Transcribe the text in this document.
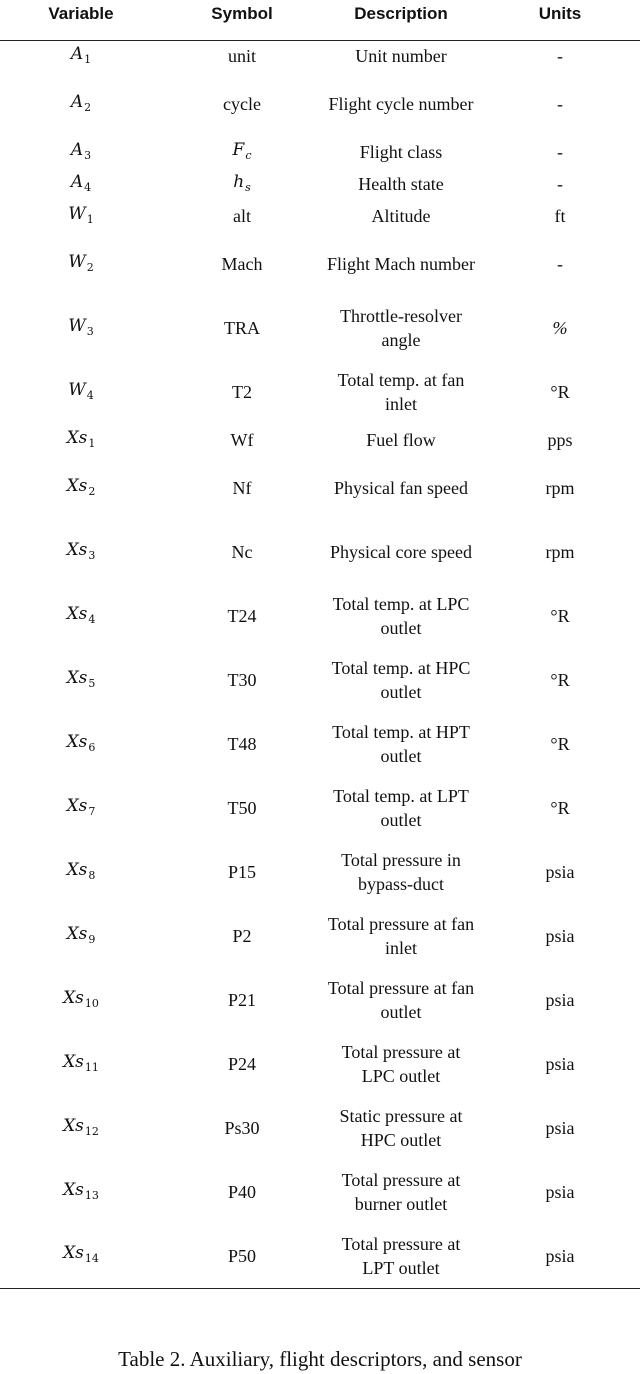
Variable	Symbol	Description	Units
$A_1$	unit	Unit number	-
$A_2$	cycle	Flight cycle number	-
$A_3$	$F_c$	Flight class	-
$A_4$	$h_s$	Health state	-
$W_1$	alt	Altitude	ft
$W_2$	Mach	Flight Mach number	-
$W_3$	TRA	Throttle-resolver angle	%
$W_4$	T2	Total temp. at fan inlet	°R
$Xs_1$	Wf	Fuel flow	pps
$Xs_2$	Nf	Physical fan speed	rpm
$Xs_3$	Nc	Physical core speed	rpm
$Xs_4$	T24	Total temp. at LPC outlet	°R
$Xs_5$	T30	Total temp. at HPC outlet	°R
$Xs_6$	T48	Total temp. at HPT outlet	°R
$Xs_7$	T50	Total temp. at LPT outlet	°R
$Xs_8$	P15	Total pressure in bypass-duct	psia
$Xs_9$	P2	Total pressure at fan inlet	psia
$Xs_{10}$	P21	Total pressure at fan outlet	psia
$Xs_{11}$	P24	Total pressure at LPC outlet	psia
$Xs_{12}$	Ps30	Static pressure at HPC outlet	psia
$Xs_{13}$	P40	Total pressure at burner outlet	psia
$Xs_{14}$	P50	Total pressure at LPT outlet	psia
Table 2. Auxiliary, flight descriptors, and sensor
